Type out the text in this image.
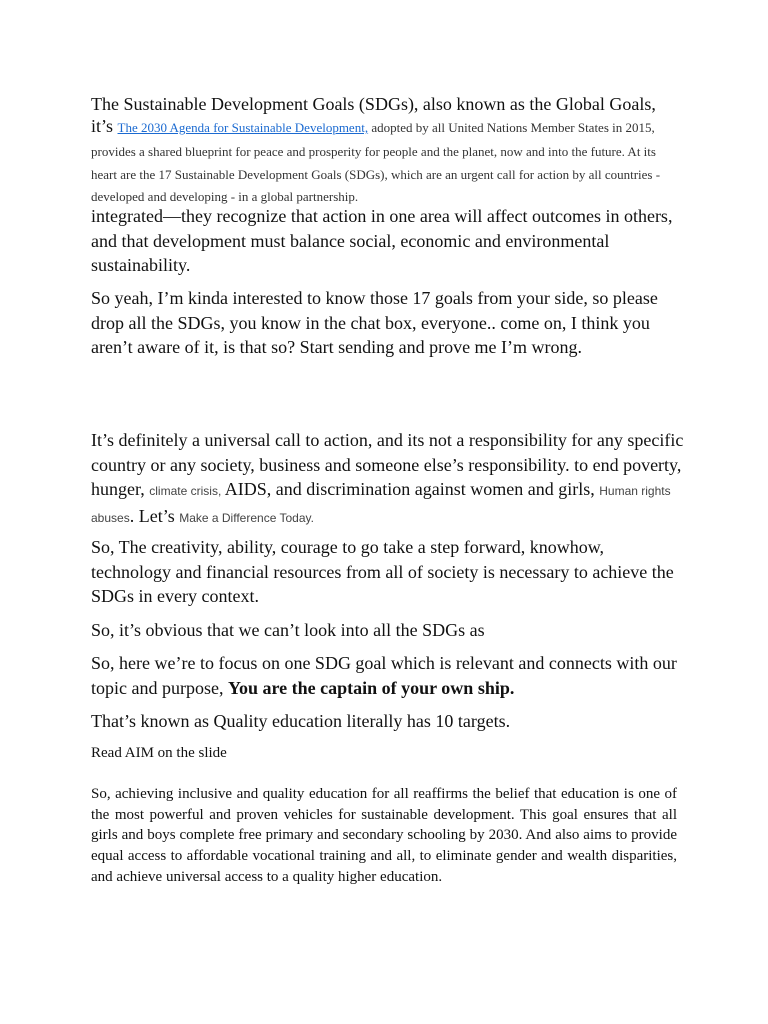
The Sustainable Development Goals (SDGs), also known as the Global Goals, it’s The 2030 Agenda for Sustainable Development, adopted by all United Nations Member States in 2015, provides a shared blueprint for peace and prosperity for people and the planet, now and into the future. At its heart are the 17 Sustainable Development Goals (SDGs), which are an urgent call for action by all countries - developed and developing - in a global partnership.

integrated—they recognize that action in one area will affect outcomes in others, and that development must balance social, economic and environmental sustainability.

So yeah, I’m kinda interested to know those 17 goals from your side, so please drop all the SDGs, you know in the chat box, everyone.. come on, I think you aren’t aware of it, is that so? Start sending and prove me I’m wrong.

It’s definitely a universal call to action, and its not a responsibility for any specific country or any society, business and someone else’s responsibility. to end poverty, hunger, climate crisis, AIDS, and discrimination against women and girls, Human rights abuses. Let’s Make a Difference Today.

So, The creativity, ability, courage to go take a step forward, knowhow, technology and financial resources from all of society is necessary to achieve the SDGs in every context.

So, it’s obvious that we can’t look into all the SDGs as

So, here we’re to focus on one SDG goal which is relevant and connects with our topic and purpose, You are the captain of your own ship.

That’s known as Quality education literally has 10 targets.

Read AIM on the slide

So, achieving inclusive and quality education for all reaffirms the belief that education is one of the most powerful and proven vehicles for sustainable development. This goal ensures that all girls and boys complete free primary and secondary schooling by 2030. And also aims to provide equal access to affordable vocational training and all, to eliminate gender and wealth disparities, and achieve universal access to a quality higher education.
